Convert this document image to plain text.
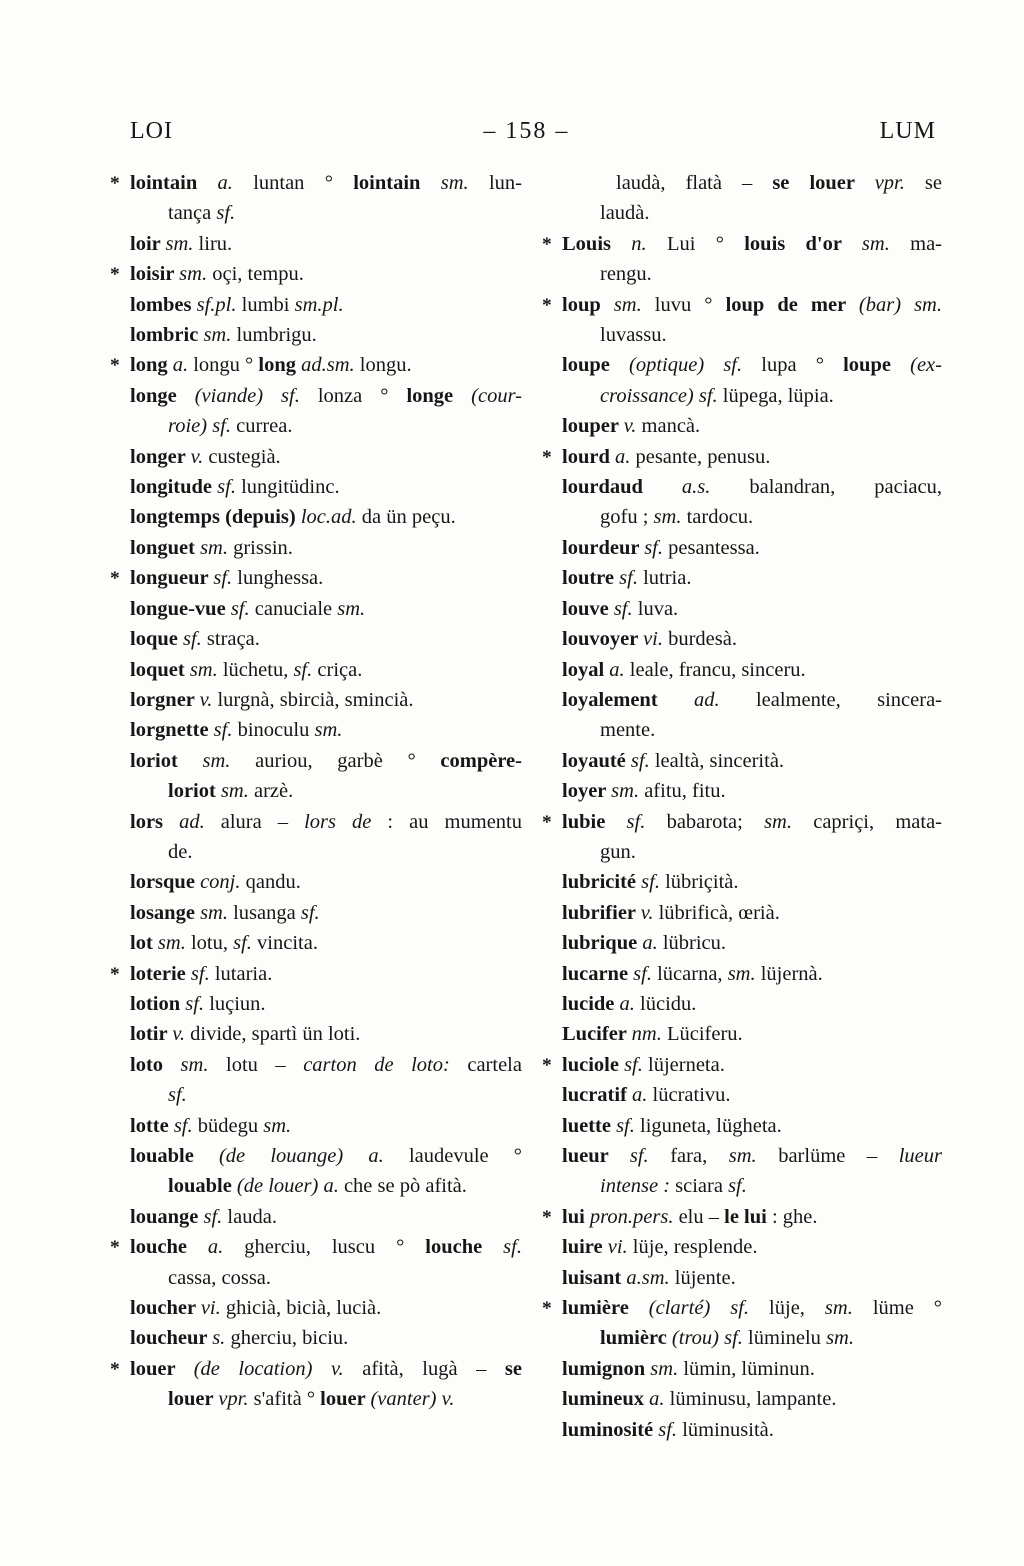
LOI	– 158 –	LUM
* lointain a. luntan ° lointain sm. lun-
tança sf.
loir sm. liru.
* loisir sm. oçi, tempu.
lombes sf.pl. lumbi sm.pl.
lombric sm. lumbrigu.
* long a. longu ° long ad.sm. longu.
longe (viande) sf. lonza ° longe (cour-
roie) sf. currea.
longer v. custegià.
longitude sf. lungitüdinc.
longtemps (depuis) loc.ad. da ün peçu.
longuet sm. grissin.
* longueur sf. lunghessa.
longue-vue sf. canuciale sm.
loque sf. straça.
loquet sm. lüchetu, sf. criça.
lorgner v. lurgnà, sbircià, smincià.
lorgnette sf. binoculu sm.
loriot sm. auriou, garbè ° compère-
loriot sm. arzè.
lors ad. alura – lors de : au mumentu
de.
lorsque conj. qandu.
losange sm. lusanga sf.
lot sm. lotu, sf. vincita.
* loterie sf. lutaria.
lotion sf. luçiun.
lotir v. divide, spartì ün loti.
loto sm. lotu – carton de loto: cartela
sf.
lotte sf. büdegu sm.
louable (de louange) a. laudevule °
louable (de louer) a. che se pò afità.
louange sf. lauda.
* louche a. gherciu, luscu ° louche sf.
cassa, cossa.
loucher vi. ghicià, bicià, lucià.
loucheur s. gherciu, biciu.
* louer (de location) v. afità, lugà – se
louer vpr. s'afità ° louer (vanter) v.
laudà, flatà – se louer vpr. se
laudà.
* Louis n. Lui ° louis d'or sm. ma-
rengu.
* loup sm. luvu ° loup de mer (bar) sm.
luvassu.
loupe (optique) sf. lupa ° loupe (ex-
croissance) sf. lüpega, lüpia.
louper v. mancà.
* lourd a. pesante, penusu.
lourdaud a.s. balandran, paciacu,
gofu ; sm. tardocu.
lourdeur sf. pesantessa.
loutre sf. lutria.
louve sf. luva.
louvoyer vi. burdesà.
loyal a. leale, francu, sinceru.
loyalement ad. lealmente, sincera-
mente.
loyauté sf. lealtà, sincerità.
loyer sm. afitu, fitu.
* lubie sf. babarota; sm. capriçi, mata-
gun.
lubricité sf. lübriçità.
lubrifier v. lübrificà, œrià.
lubrique a. lübricu.
lucarne sf. lücarna, sm. lüjernà.
lucide a. lücidu.
Lucifer nm. Lüciferu.
* luciole sf. lüjerneta.
lucratif a. lücrativu.
luette sf. liguneta, lügheta.
lueur sf. fara, sm. barlüme – lueur
intense : sciara sf.
* lui pron.pers. elu – le lui : ghe.
luire vi. lüje, resplende.
luisant a.sm. lüjente.
* lumière (clarté) sf. lüje, sm. lüme °
lumièrc (trou) sf. lüminelu sm.
lumignon sm. lümin, lüminun.
lumineux a. lüminusu, lampante.
luminosité sf. lüminusità.
